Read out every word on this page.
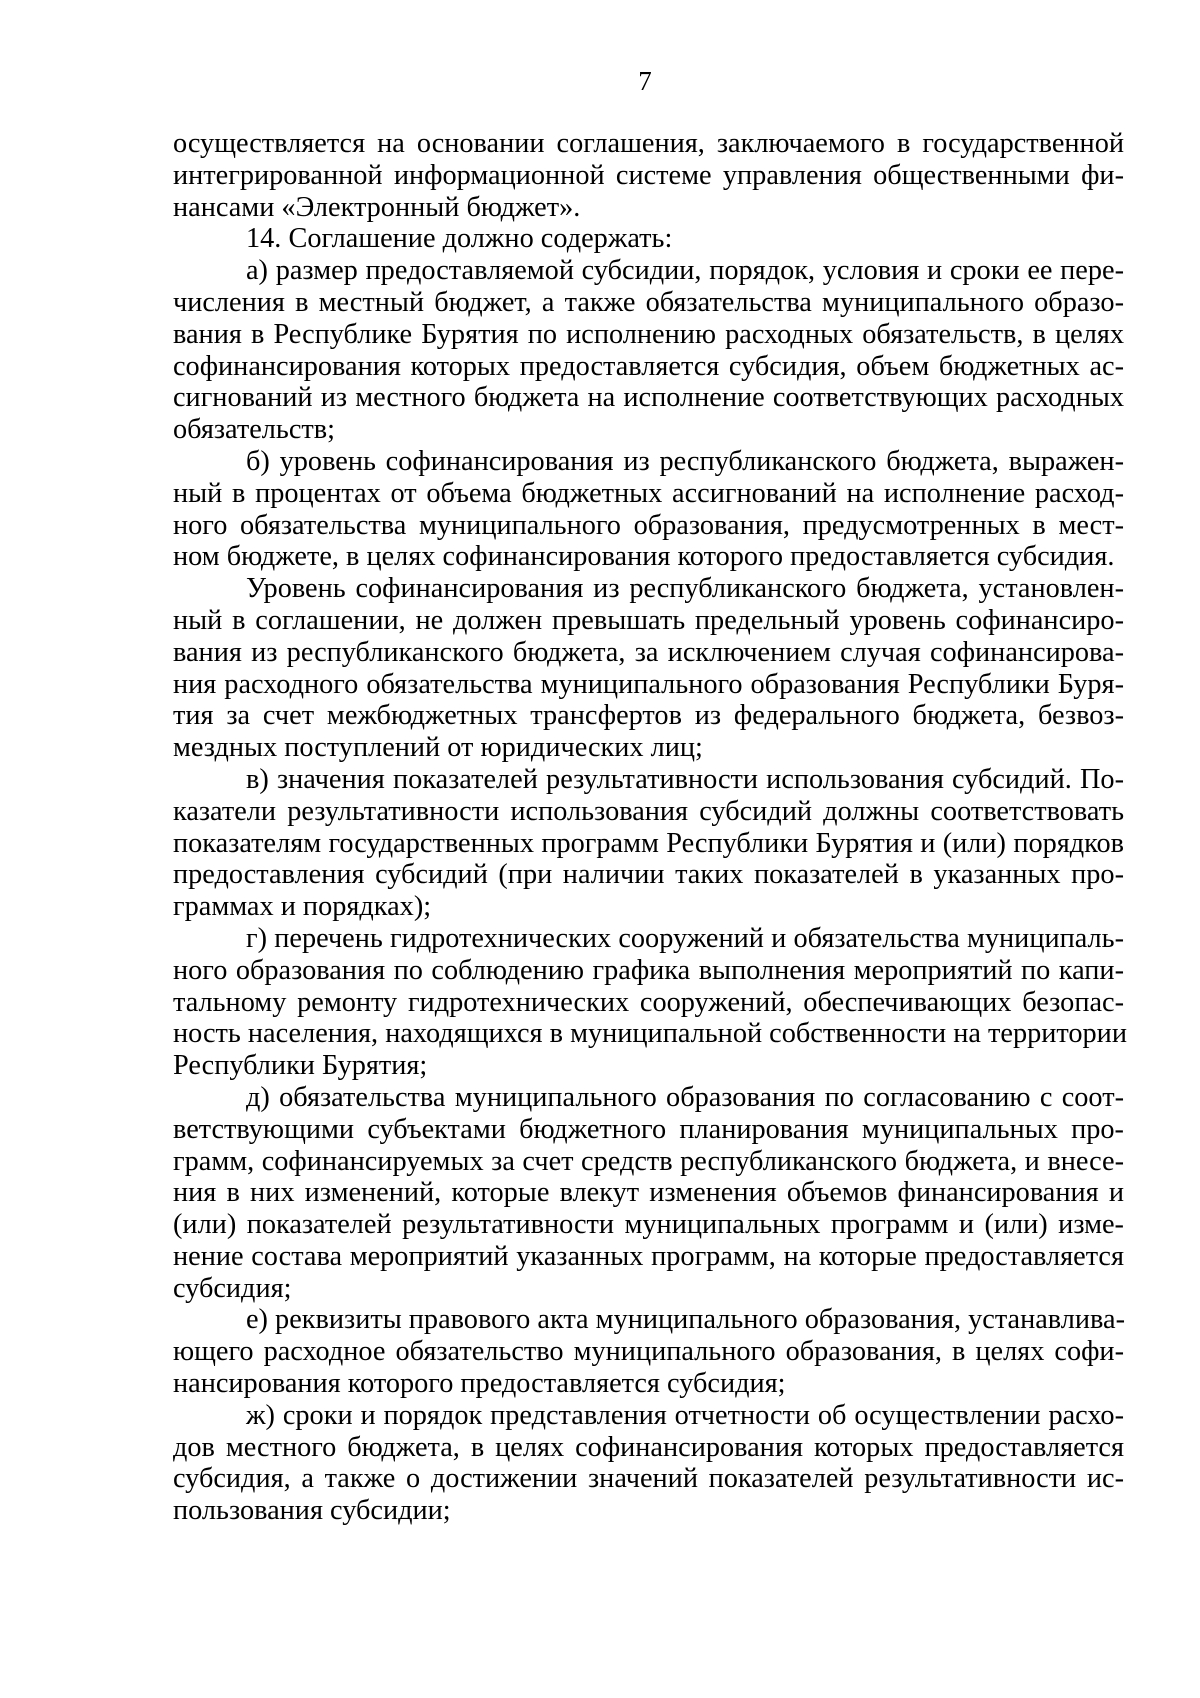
7
осуществляется на основании соглашения, заключаемого в государственной
интегрированной информационной системе управления общественными фи-
нансами «Электронный бюджет».
14. Соглашение должно содержать:
а) размер предоставляемой субсидии, порядок, условия и сроки ее пере-
числения в местный бюджет, а также обязательства муниципального образо-
вания в Республике Бурятия по исполнению расходных обязательств, в целях
софинансирования которых предоставляется субсидия, объем бюджетных ас-
сигнований из местного бюджета на исполнение соответствующих расходных
обязательств;
б) уровень софинансирования из республиканского бюджета, выражен-
ный в процентах от объема бюджетных ассигнований на исполнение расход-
ного обязательства муниципального образования, предусмотренных в мест-
ном бюджете, в целях софинансирования которого предоставляется субсидия.
Уровень софинансирования из республиканского бюджета, установлен-
ный в соглашении, не должен превышать предельный уровень софинансиро-
вания из республиканского бюджета, за исключением случая софинансирова-
ния расходного обязательства муниципального образования Республики Буря-
тия за счет межбюджетных трансфертов из федерального бюджета, безвоз-
мездных поступлений от юридических лиц;
в) значения показателей результативности использования субсидий. По-
казатели результативности использования субсидий должны соответствовать
показателям государственных программ Республики Бурятия и (или) порядков
предоставления субсидий (при наличии таких показателей в указанных про-
граммах и порядках);
г) перечень гидротехнических сооружений и обязательства муниципаль-
ного образования по соблюдению графика выполнения мероприятий по капи-
тальному ремонту гидротехнических сооружений, обеспечивающих безопас-
ность населения, находящихся в муниципальной собственности на территории
Республики Бурятия;
д) обязательства муниципального образования по согласованию с соот-
ветствующими субъектами бюджетного планирования муниципальных про-
грамм, софинансируемых за счет средств республиканского бюджета, и внесе-
ния в них изменений, которые влекут изменения объемов финансирования и
(или) показателей результативности муниципальных программ и (или) изме-
нение состава мероприятий указанных программ, на которые предоставляется
субсидия;
е) реквизиты правового акта муниципального образования, устанавлива-
ющего расходное обязательство муниципального образования, в целях софи-
нансирования которого предоставляется субсидия;
ж) сроки и порядок представления отчетности об осуществлении расхо-
дов местного бюджета, в целях софинансирования которых предоставляется
субсидия, а также о достижении значений показателей результативности ис-
пользования субсидии;
